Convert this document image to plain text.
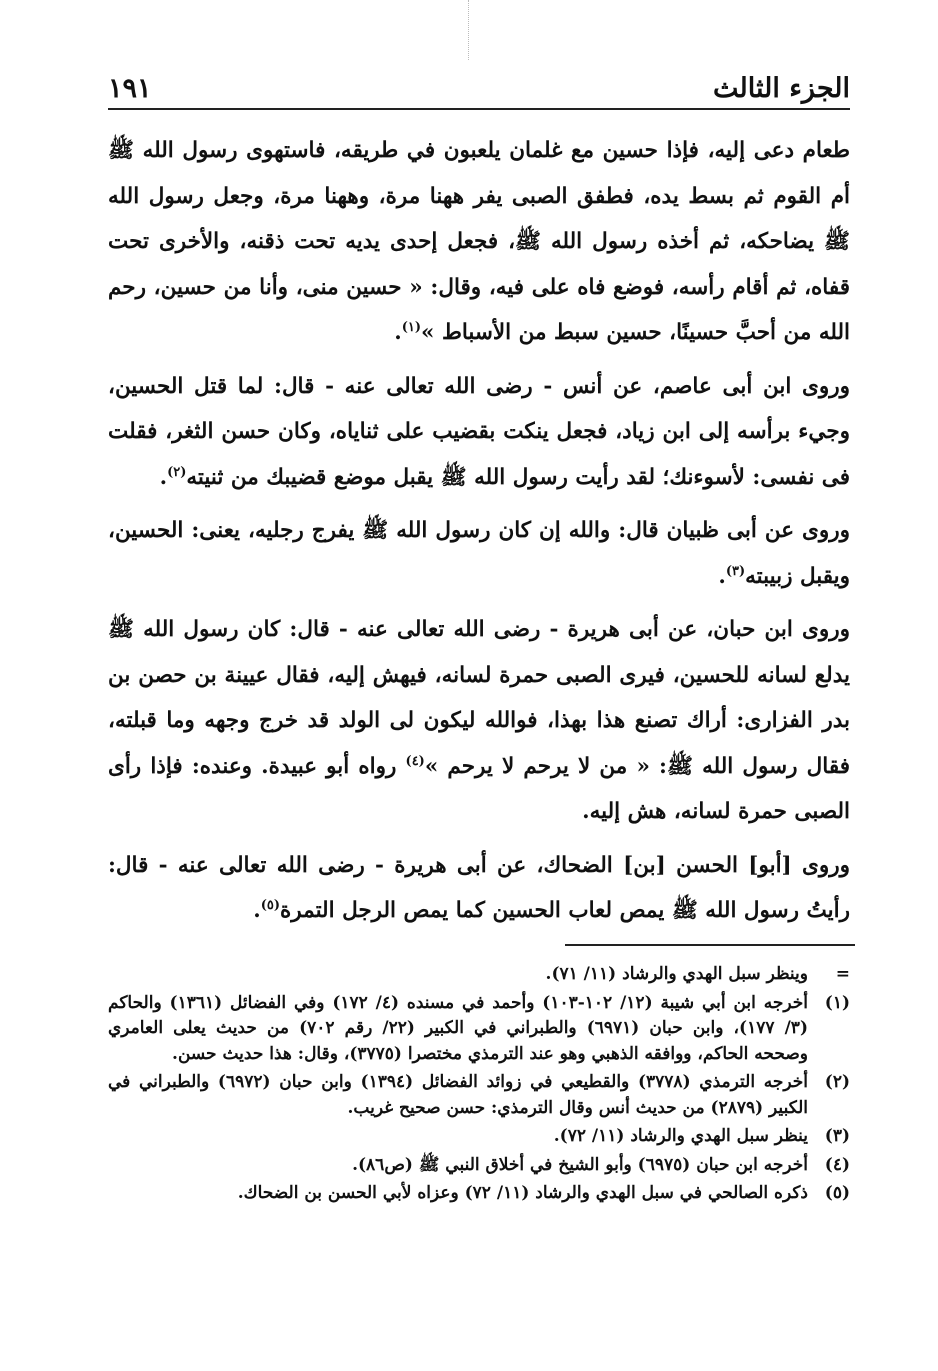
الجزء الثالث
١٩١

طعام دعى إليه، فإذا حسين مع غلمان يلعبون في طريقه، فاستهوى رسول الله ﷺ أم القوم ثم بسط يده، فطفق الصبى يفر ههنا مرة، وههنا مرة، وجعل رسول الله ﷺ يضاحكه، ثم أخذه رسول الله ﷺ، فجعل إحدى يديه تحت ذقنه، والأخرى تحت قفاه، ثم أقام رأسه، فوضع فاه على فيه، وقال: « حسين منى، وأنا من حسين، رحم الله من أحبَّ حسينًا، حسين سبط من الأسباط »$^{(١)}$.

وروى ابن أبى عاصم، عن أنس - رضى الله تعالى عنه - قال: لما قتل الحسين، وجيء برأسه إلى ابن زياد، فجعل ينكت بقضيب على ثناياه، وكان حسن الثغر، فقلت فى نفسى: لأسوءنك؛ لقد رأيت رسول الله ﷺ يقبل موضع قضيبك من ثنيته$^{(٢)}$.

وروى عن أبى ظبيان قال: والله إن كان رسول الله ﷺ يفرج رجليه، يعنى: الحسين، ويقبل زبيبته$^{(٣)}$.

وروى ابن حبان، عن أبى هريرة - رضى الله تعالى عنه - قال: كان رسول الله ﷺ يدلع لسانه للحسين، فيرى الصبى حمرة لسانه، فيهش إليه، فقال عيينة بن حصن بن بدر الفزارى: أراك تصنع هذا بهذا، فوالله ليكون لى الولد قد خرج وجهه وما قبلته، فقال رسول الله ﷺ: « من لا يرحم لا يرحم »$^{(٤)}$ رواه أبو عبيدة. وعنده: فإذا رأى الصبى حمرة لسانه، هش إليه.

وروى [أبو] الحسن [بن] الضحاك، عن أبى هريرة - رضى الله تعالى عنه - قال: رأيتُ رسول الله ﷺ يمص لعاب الحسين كما يمص الرجل التمرة$^{(٥)}$.

=
وينظر سبل الهدي والرشاد (١١/ ٧١).
(١)
أخرجه ابن أبي شيبة (١٢/ ١٠٢-١٠٣) وأحمد في مسنده (٤/ ١٧٢) وفي الفضائل (١٣٦١) والحاكم (٣/ ١٧٧)، وابن حبان (٦٩٧١) والطبراني في الكبير (٢٢/ رقم ٧٠٢) من حديث يعلى العامري وصححه الحاكم، ووافقه الذهبي وهو عند الترمذي مختصرا (٣٧٧٥)، وقال: هذا حديث حسن.
(٢)
أخرجه الترمذي (٣٧٧٨) والقطيعي في زوائد الفضائل (١٣٩٤) وابن حبان (٦٩٧٢) والطبراني في الكبير (٢٨٧٩) من حديث أنس وقال الترمذي: حسن صحيح غريب.
(٣)
ينظر سبل الهدي والرشاد (١١/ ٧٢).
(٤)
أخرجه ابن حبان (٦٩٧٥) وأبو الشيخ في أخلاق النبي ﷺ (ص٨٦).
(٥)
ذكره الصالحي في سبل الهدي والرشاد (١١/ ٧٢) وعزاه لأبي الحسن بن الضحاك.
